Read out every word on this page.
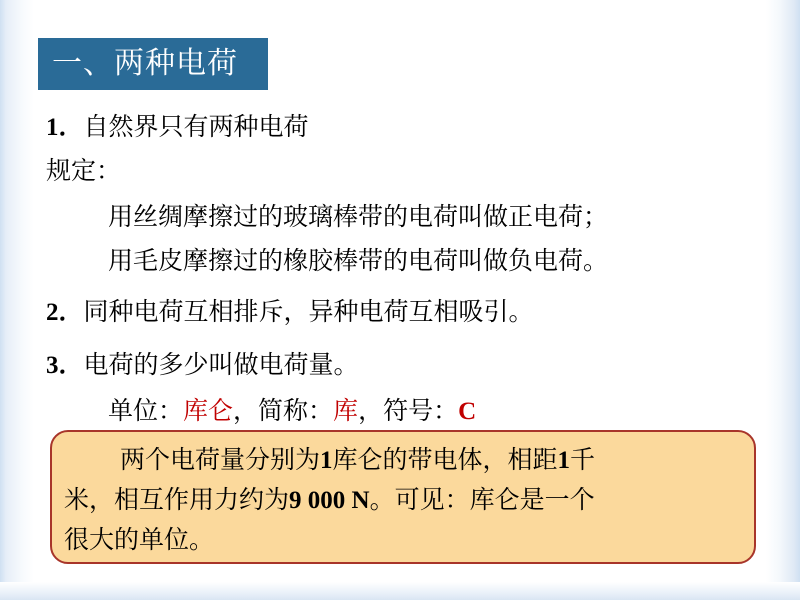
一、两种电荷
1．自然界只有两种电荷
规定：
用丝绸摩擦过的玻璃棒带的电荷叫做正电荷；
用毛皮摩擦过的橡胶棒带的电荷叫做负电荷。
2．同种电荷互相排斥，异种电荷互相吸引。
3．电荷的多少叫做电荷量。
单位：库仑，简称：库，符号：C
两个电荷量分别为1库仑的带电体，相距1千
米，相互作用力约为9 000 N。可见：库仑是一个
很大的单位。
